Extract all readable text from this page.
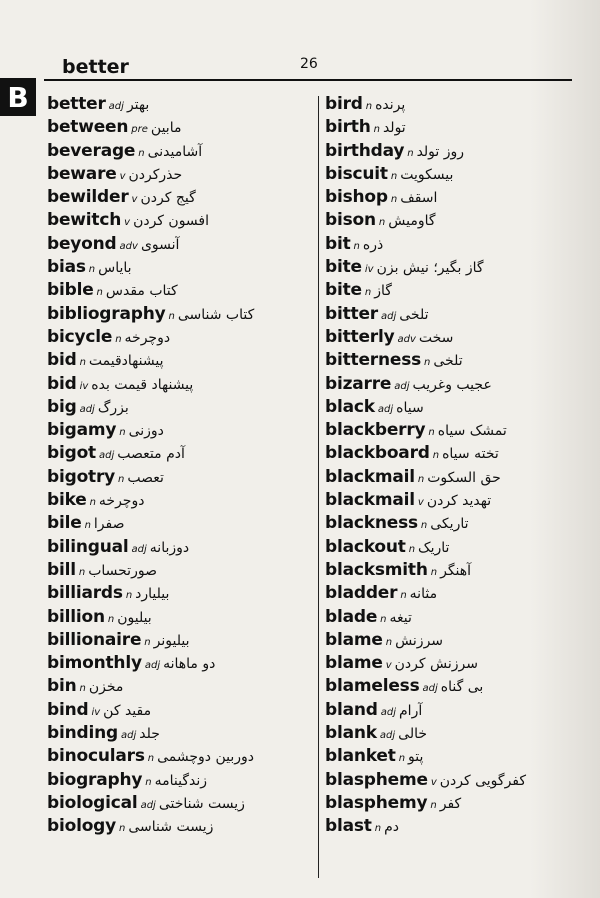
better	26
B	better adj بهتر
between pre مابین
beverage n آشامیدنی
beware v حذرکردن
bewilder v گیج کردن
bewitch v افسون کردن
beyond adv آنسوی
bias n بایاس
bible n کتاب مقدس
bibliography n کتاب شناسی
bicycle n دوچرخه
bid n پیشنهادقیمت
bid iv پیشنهاد قیمت بده
big adj بزرگ
bigamy n دوزنی
bigot adj آدم متعصب
bigotry n تعصب
bike n دوچرخه
bile n صفرا
bilingual adj دوزبانه
bill n صورتحساب
billiards n بیلیارد
billion n بیلیون
billionaire n بیلیونر
bimonthly adj دو ماهانه
bin n مخزن
bind iv مقید کن
binding adj جلد
binoculars n دوربین دوچشمی
biography n زندگینامه
biological adj زیست شناختی
biology n زیست شناسی
bird n پرنده
birth n تولد
birthday n روز تولد
biscuit n بیسکویت
bishop n اسقف
bison n گاومیش
bit n ذره
bite iv گاز بگیر؛ نیش بزن
bite n گاز
bitter adj تلخی
bitterly adv سخت
bitterness n تلخی
bizarre adj عجیب وغریب
black adj سیاه
blackberry n تمشک سیاه
blackboard n تخته سیاه
blackmail n حق السکوت
blackmail v تهدید کردن
blackness n تاریکی
blackout n تاریک
blacksmith n آهنگر
bladder n مثانه
blade n تیغه
blame n سرزنش
blame v سرزنش کردن
blameless adj بی گناه
bland adj آرام
blank adj خالی
blanket n پتو
blaspheme v کفرگویی کردن
blasphemy n کفر
blast n دم
